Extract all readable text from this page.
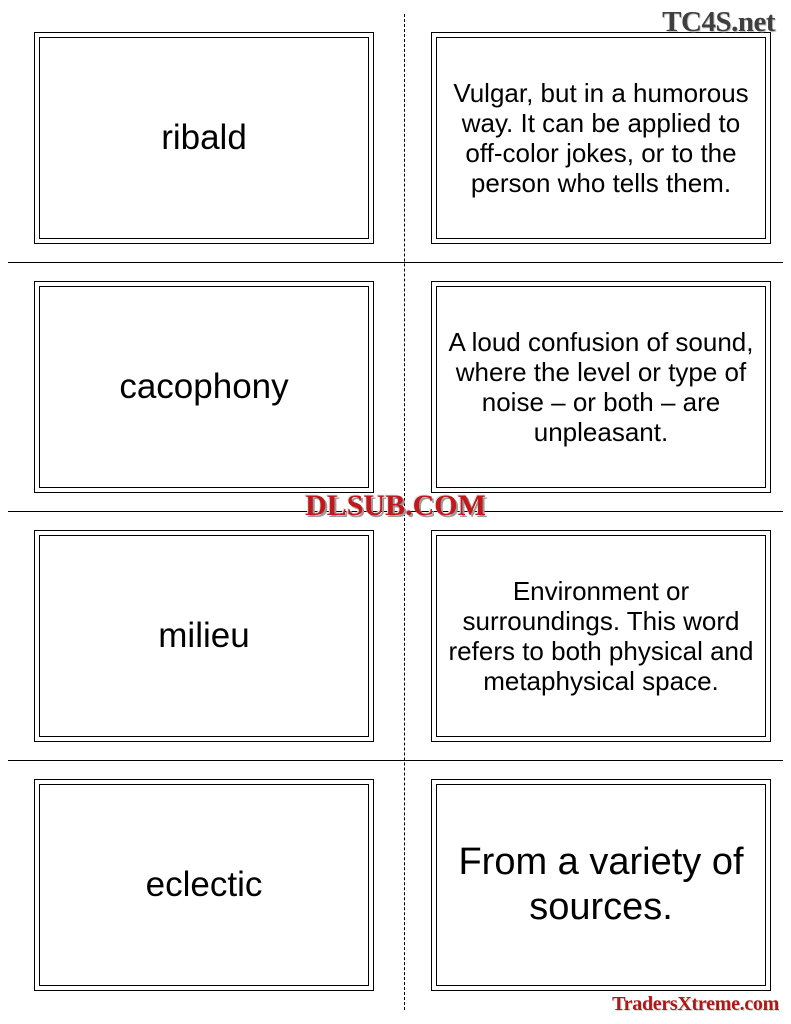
TC4S.net
ribald
Vulgar, but in a humorous way. It can be applied to off-color jokes, or to the person who tells them.
cacophony
A loud confusion of sound, where the level or type of noise – or both – are unpleasant.
milieu
Environment or surroundings. This word refers to both physical and metaphysical space.
eclectic
From a variety of sources.
DLSUB.COM
TradersXtreme.com
